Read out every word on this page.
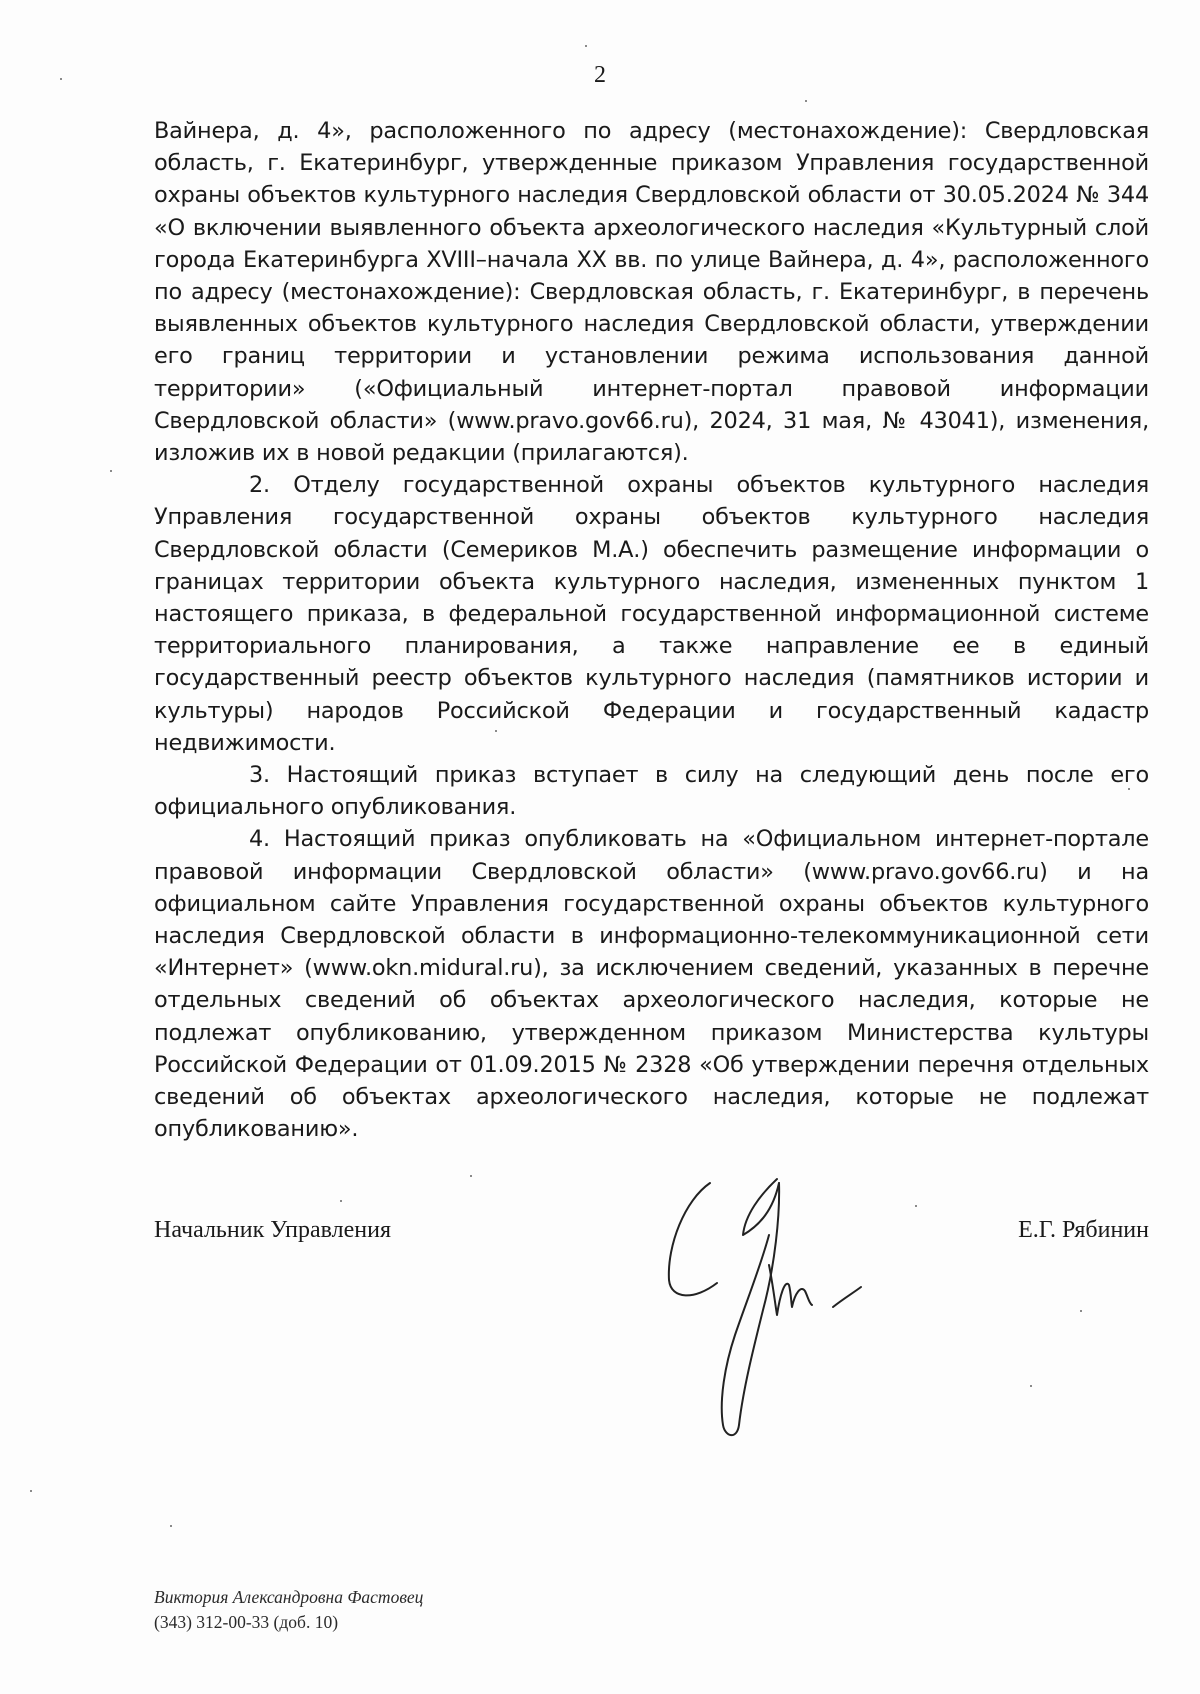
2

Вайнера, д. 4», расположенного по адресу (местонахождение): Свердловская область, г. Екатеринбург, утвержденные приказом Управления государственной охраны объектов культурного наследия Свердловской области от 30.05.2024 № 344 «О включении выявленного объекта археологического наследия «Культурный слой города Екатеринбурга XVIII–начала XX вв. по улице Вайнера, д. 4», расположенного по адресу (местонахождение): Свердловская область, г. Екатеринбург, в перечень выявленных объектов культурного наследия Свердловской области, утверждении его границ территории и установлении режима использования данной территории» («Официальный интернет-портал правовой информации Свердловской области» (www.pravo.gov66.ru), 2024, 31 мая, № 43041), изменения, изложив их в новой редакции (прилагаются).

2. Отделу государственной охраны объектов культурного наследия Управления государственной охраны объектов культурного наследия Свердловской области (Семериков М.А.) обеспечить размещение информации о границах территории объекта культурного наследия, измененных пунктом 1 настоящего приказа, в федеральной государственной информационной системе территориального планирования, а также направление ее в единый государственный реестр объектов культурного наследия (памятников истории и культуры) народов Российской Федерации и государственный кадастр недвижимости.

3. Настоящий приказ вступает в силу на следующий день после его официального опубликования.

4. Настоящий приказ опубликовать на «Официальном интернет-портале правовой информации Свердловской области» (www.pravo.gov66.ru) и на официальном сайте Управления государственной охраны объектов культурного наследия Свердловской области в информационно-телекоммуникационной сети «Интернет» (www.okn.midural.ru), за исключением сведений, указанных в перечне отдельных сведений об объектах археологического наследия, которые не подлежат опубликованию, утвержденном приказом Министерства культуры Российской Федерации от 01.09.2015 № 2328 «Об утверждении перечня отдельных сведений об объектах археологического наследия, которые не подлежат опубликованию».

Начальник Управления	Е.Г. Рябинин
Виктория Александровна Фастовец
(343) 312-00-33 (доб. 10)
